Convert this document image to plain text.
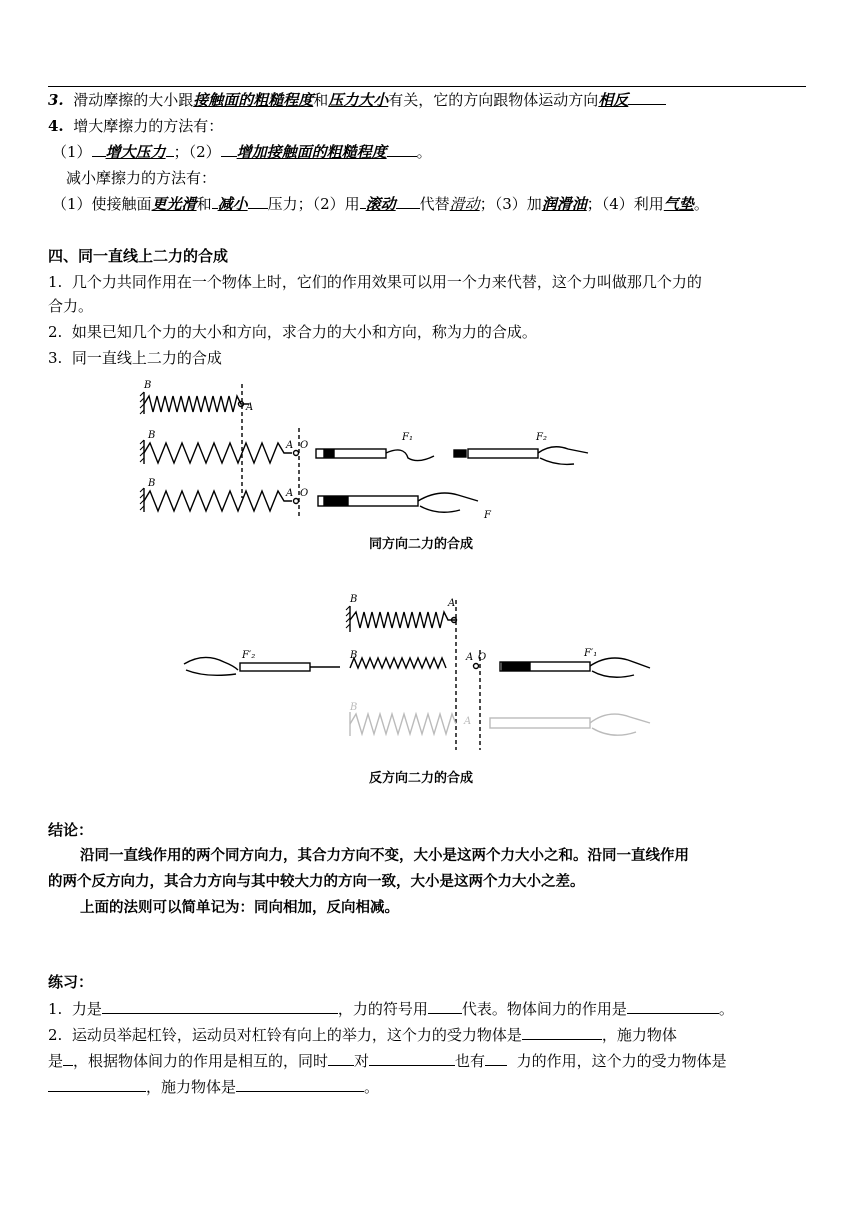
3. 滑动摩擦的大小跟接触面的粗糙程度和压力大小有关，它的方向跟物体运动方向相反
4. 增大摩擦力的方法有：
（1） 增大压力 ；（2） 增加接触面的粗糙程度 。
减小摩擦力的方法有：
（1）使接触面更光滑和 减小 压力；（2）用 滚动 代替滑动；（3）加润滑油；（4）利用气垫。
四、同一直线上二力的合成
1. 几个力共同作用在一个物体上时，它们的作用效果可以用一个力来代替，这个力叫做那几个力的
合力。
2. 如果已知几个力的大小和方向，求合力的大小和方向，称为力的合成。
3. 同一直线上二力的合成
B
A
B
A O
F₁	F₂
B
A O
F
同方向二力的合成
B	A
F′₂	B	A O	F′₁
B
A
反方向二力的合成
结论：
沿同一直线作用的两个同方向力，其合力方向不变，大小是这两个力大小之和。沿同一直线作用
的两个反方向力，其合力方向与其中较大力的方向一致，大小是这两个力大小之差。
上面的法则可以简单记为：同向相加，反向相减。
练习：
1. 力是	，力的符号用 代表。物体间力的作用是	。
2. 运动员举起杠铃，运动员对杠铃有向上的举力，这个力的受力物体是	，施力物体
是 ，根据物体间力的作用是相互的，同时 对	也有 力的作用，这个力的受力物体是
，施力物体是	。
